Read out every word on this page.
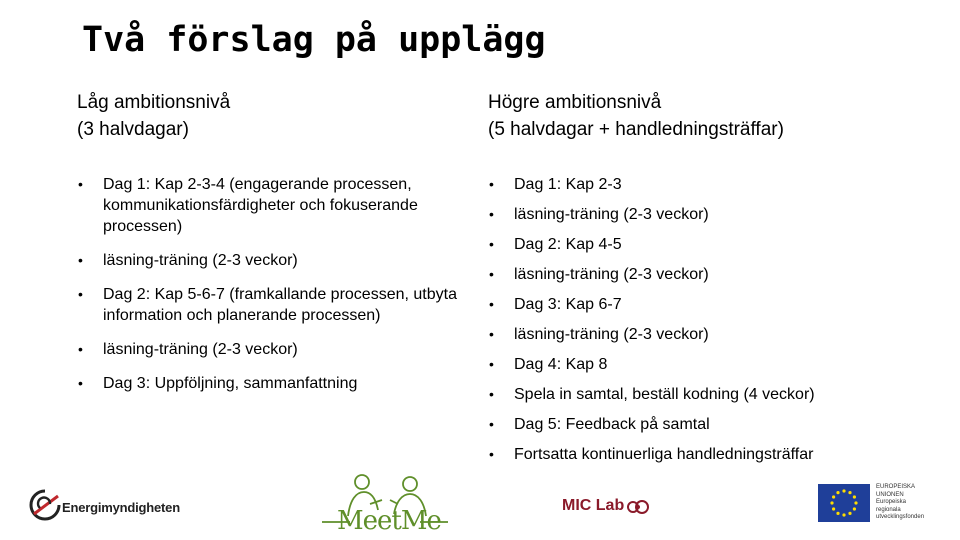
Två förslag på upplägg
Låg ambitionsnivå
(3 halvdagar)
Högre ambitionsnivå
(5 halvdagar + handledningsträffar)
• Dag 1: Kap 2-3-4 (engagerande processen, kommunikationsfärdigheter och fokuserande processen)
• läsning-träning (2-3 veckor)
• Dag 2: Kap 5-6-7 (framkallande processen, utbyta information och planerande processen)
• läsning-träning (2-3 veckor)
• Dag 3: Uppföljning, sammanfattning
• Dag 1: Kap 2-3
• läsning-träning (2-3 veckor)
• Dag 2: Kap 4-5
• läsning-träning (2-3 veckor)
• Dag 3: Kap 6-7
• läsning-träning (2-3 veckor)
• Dag 4: Kap 8
• Spela in samtal, beställ kodning (4 veckor)
• Dag 5: Feedback på samtal
• Fortsatta kontinuerliga handledningsträffar
Energimyndigheten	MeetMe
MIC Lab
EUROPEISKA
UNIONEN
Europeiska
regionala
utvecklingsfonden
